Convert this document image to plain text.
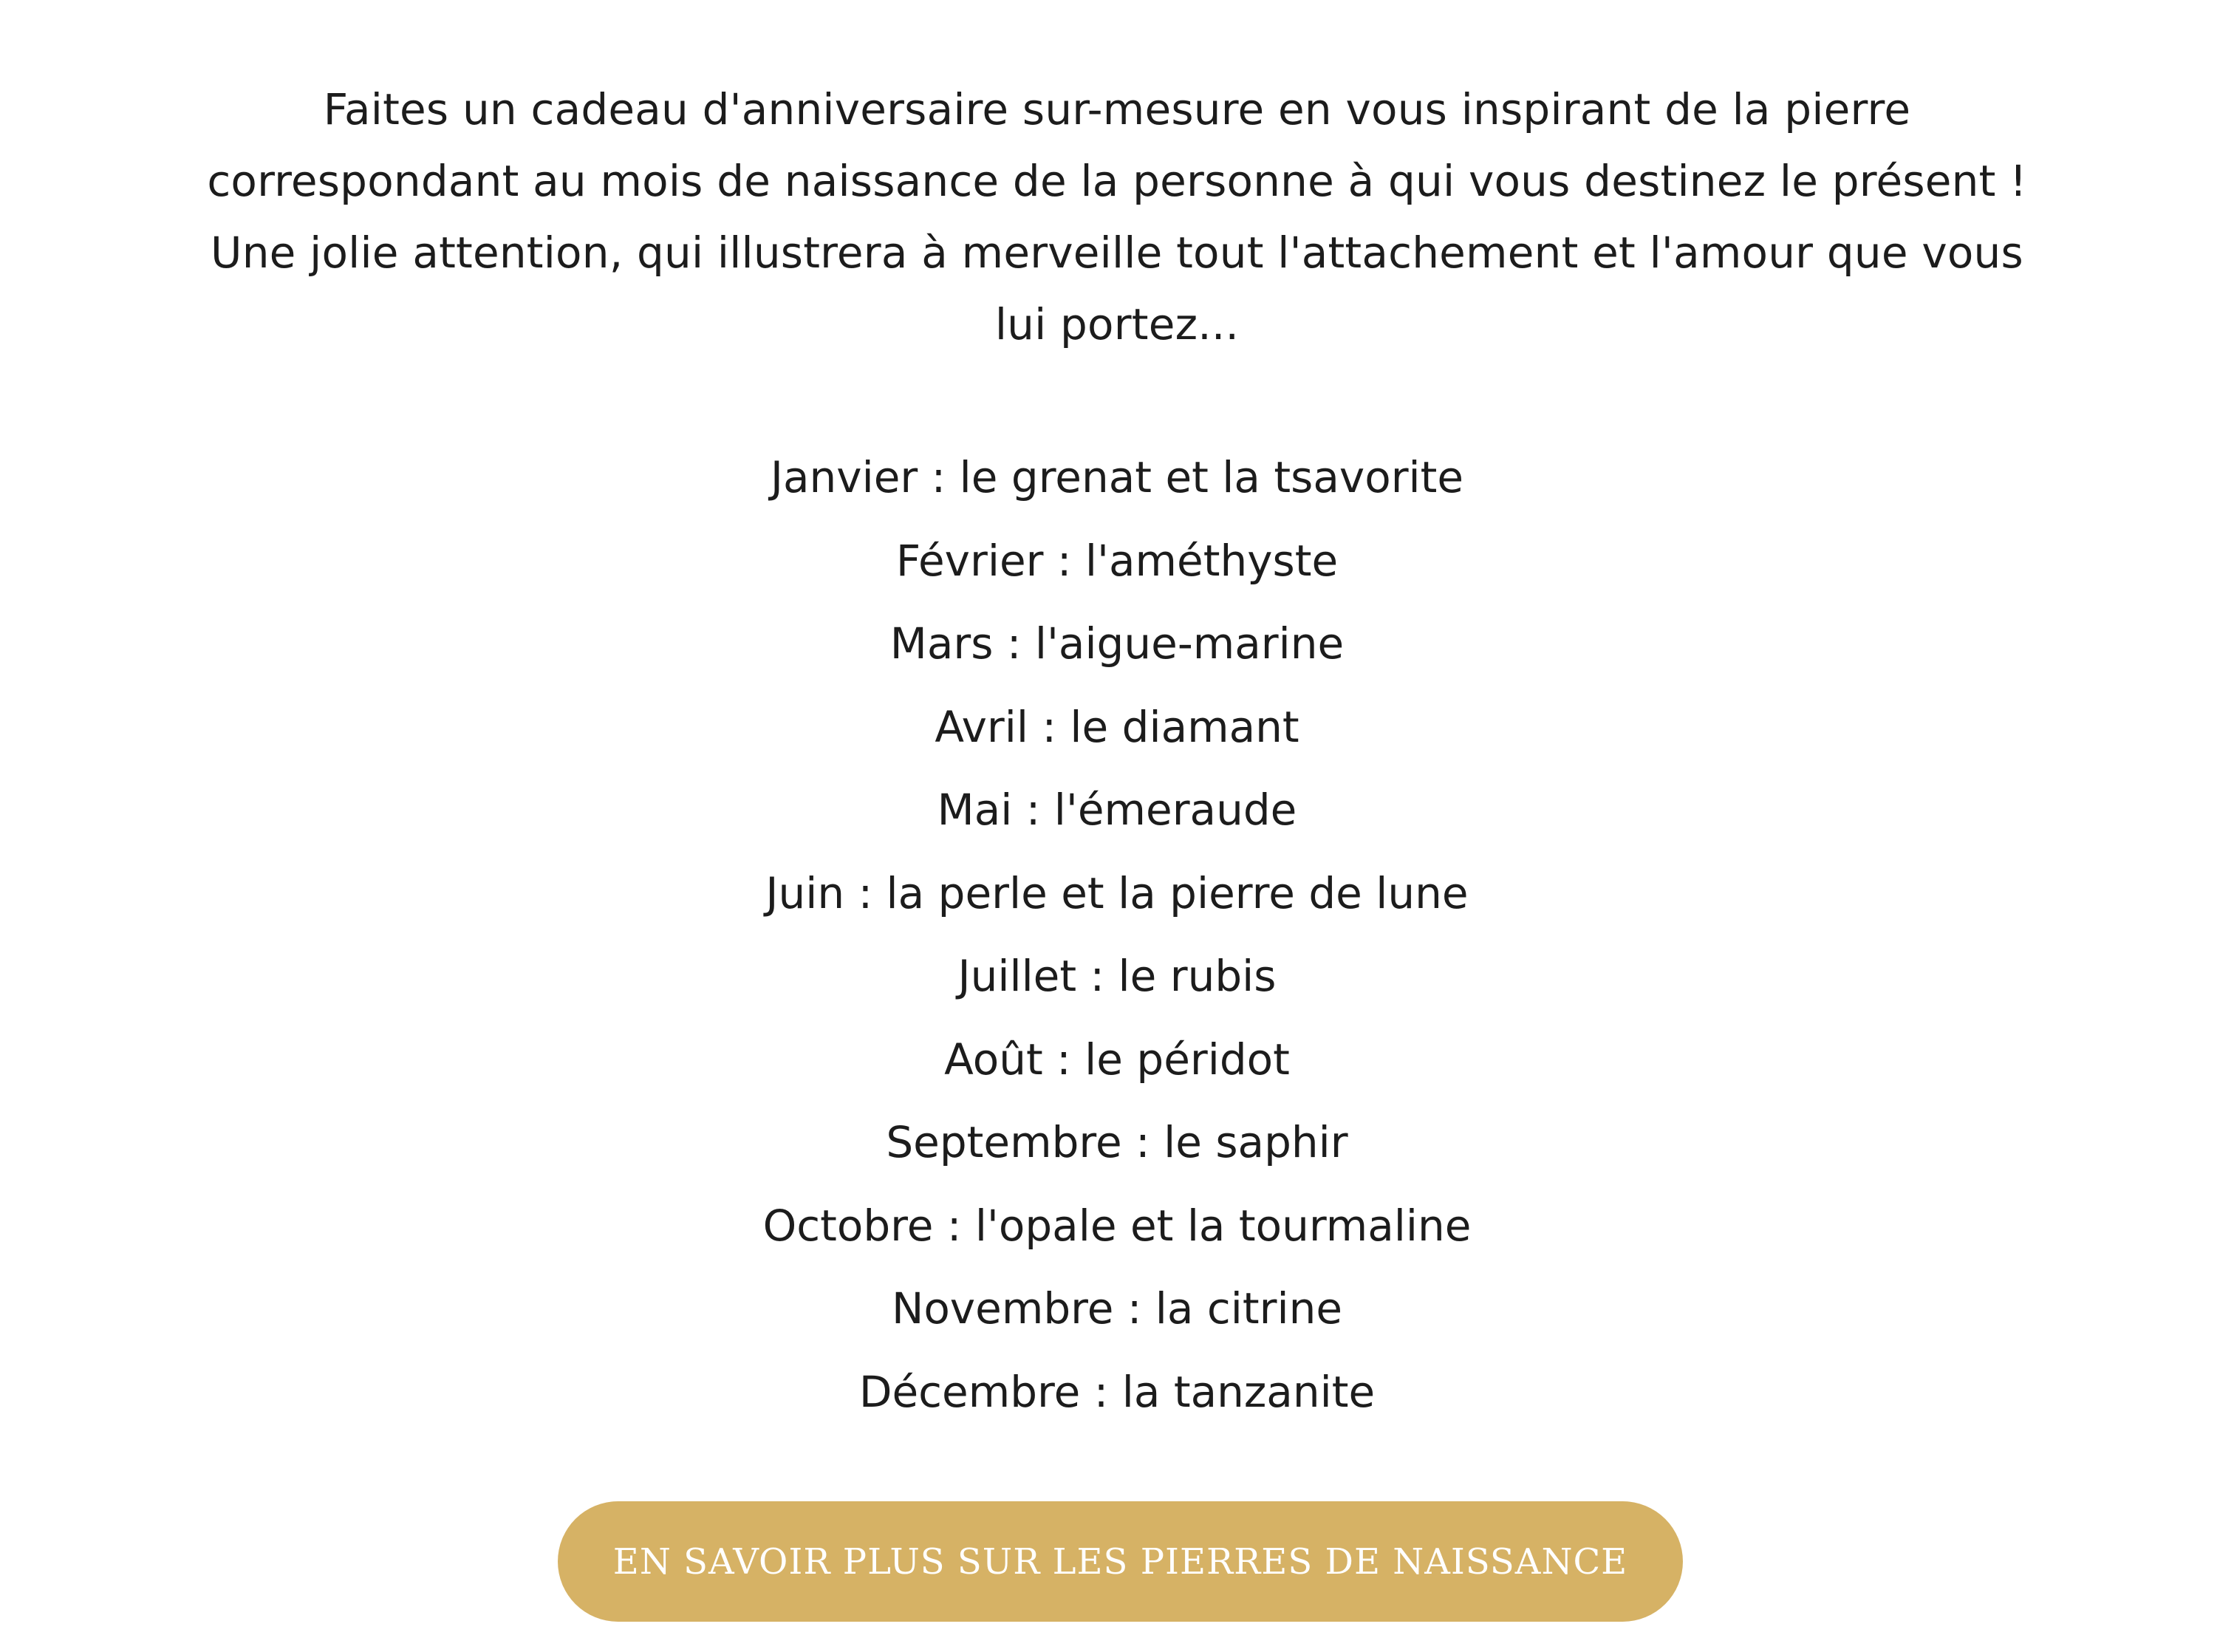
Faites un cadeau d'anniversaire sur-mesure en vous inspirant de la pierre
correspondant au mois de naissance de la personne à qui vous destinez le présent !
Une jolie attention, qui illustrera à merveille tout l'attachement et l'amour que vous
lui portez...

Janvier : le grenat et la tsavorite
Février : l'améthyste
Mars : l'aigue-marine
Avril : le diamant
Mai : l'émeraude
Juin : la perle et la pierre de lune
Juillet : le rubis
Août : le péridot
Septembre : le saphir
Octobre : l'opale et la tourmaline
Novembre : la citrine
Décembre : la tanzanite
EN SAVOIR PLUS SUR LES PIERRES DE NAISSANCE
